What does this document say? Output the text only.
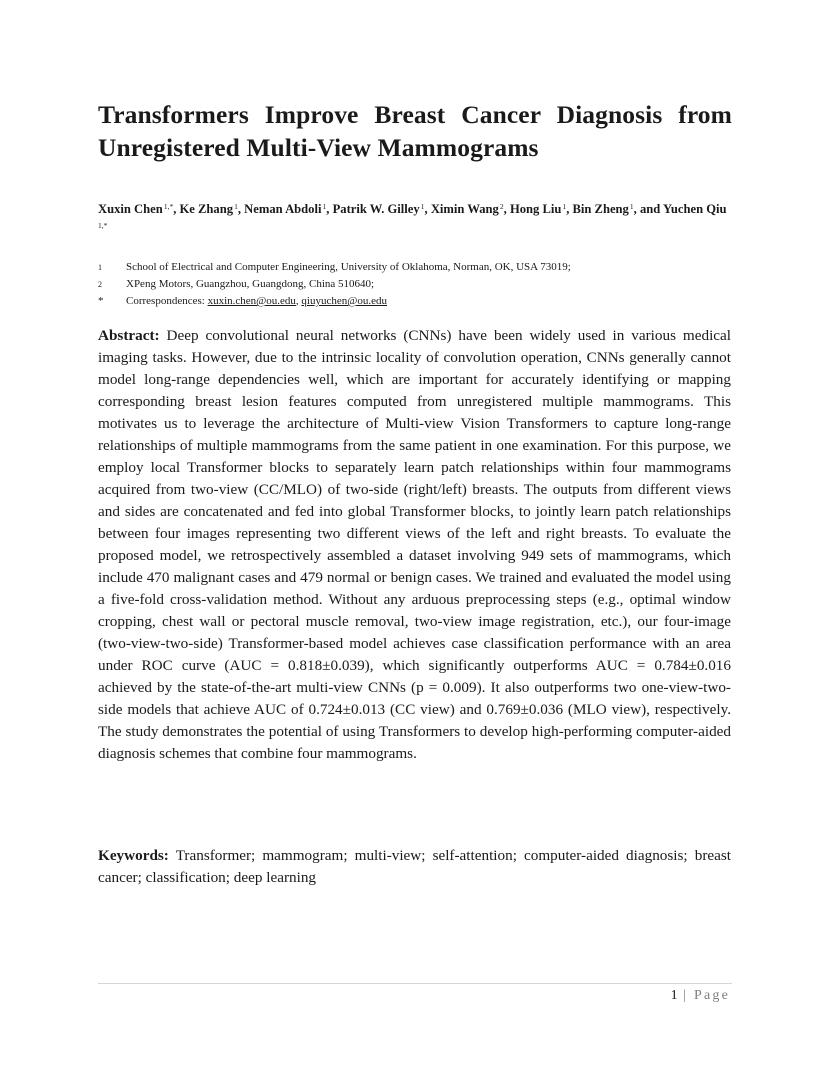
Transformers Improve Breast Cancer Diagnosis from Unregistered Multi-View Mammograms
Xuxin Chen $^{1,*}$, Ke Zhang $^1$, Neman Abdoli $^1$, Patrik W. Gilley $^1$, Ximin Wang $^2$, Hong Liu $^1$, Bin Zheng $^1$, and Yuchen Qiu $^{1,*}$
1	School of Electrical and Computer Engineering, University of Oklahoma, Norman, OK, USA 73019;
2	XPeng Motors, Guangzhou, Guangdong, China 510640;
*	Correspondences: xuxin.chen@ou.edu, qiuyuchen@ou.edu

Abstract: Deep convolutional neural networks (CNNs) have been widely used in various medical imaging tasks. However, due to the intrinsic locality of convolution operation, CNNs generally cannot model long-range dependencies well, which are important for accurately identifying or mapping corresponding breast lesion features computed from unregistered multiple mammograms. This motivates us to leverage the architecture of Multi-view Vision Transformers to capture long-range relationships of multiple mammograms from the same patient in one examination. For this purpose, we employ local Transformer blocks to separately learn patch relationships within four mammograms acquired from two-view (CC/MLO) of two-side (right/left) breasts. The outputs from different views and sides are concatenated and fed into global Transformer blocks, to jointly learn patch relationships between four images representing two different views of the left and right breasts. To evaluate the proposed model, we retrospectively assembled a dataset involving 949 sets of mammograms, which include 470 malignant cases and 479 normal or benign cases. We trained and evaluated the model using a five-fold cross-validation method. Without any arduous preprocessing steps (e.g., optimal window cropping, chest wall or pectoral muscle removal, two-view image registration, etc.), our four-image (two-view-two-side) Transformer-based model achieves case classification performance with an area under ROC curve (AUC = 0.818±0.039), which significantly outperforms AUC = 0.784±0.016 achieved by the state-of-the-art multi-view CNNs (p = 0.009). It also outperforms two one-view-two-side models that achieve AUC of 0.724±0.013 (CC view) and 0.769±0.036 (MLO view), respectively. The study demonstrates the potential of using Transformers to develop high-performing computer-aided diagnosis schemes that combine four mammograms.

Keywords: Transformer; mammogram; multi-view; self-attention; computer-aided diagnosis; breast cancer; classification; deep learning

1 | Page
